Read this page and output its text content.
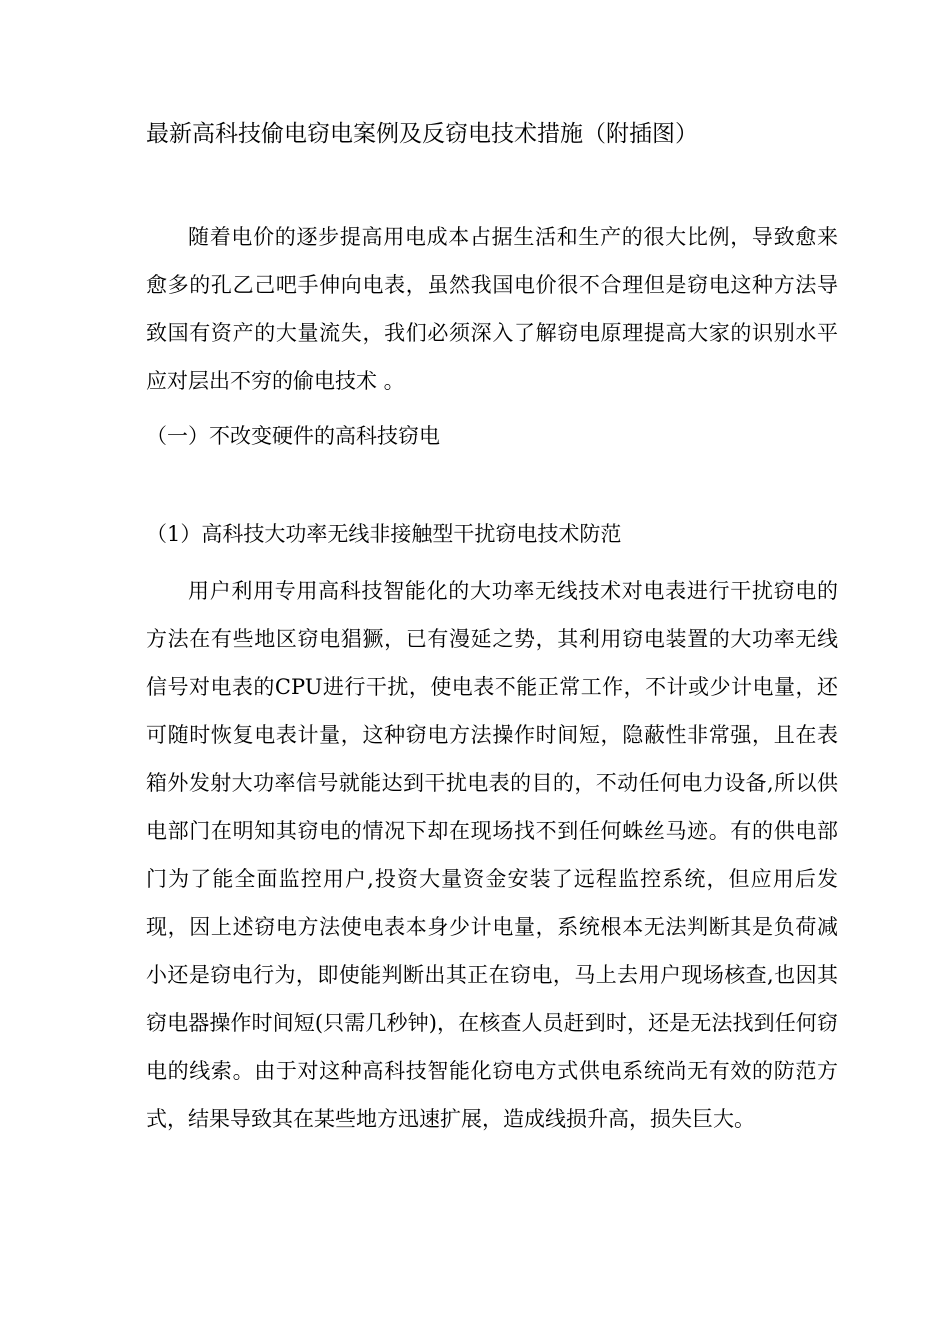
最新高科技偷电窃电案例及反窃电技术措施（附插图）

随着电价的逐步提高用电成本占据生活和生产的很大比例，导致愈来愈多的孔乙己吧手伸向电表，虽然我国电价很不合理但是窃电这种方法导致国有资产的大量流失，我们必须深入了解窃电原理提高大家的识别水平应对层出不穷的偷电技术 。

（一）不改变硬件的高科技窃电
（1）高科技大功率无线非接触型干扰窃电技术防范

用户利用专用高科技智能化的大功率无线技术对电表进行干扰窃电的方法在有些地区窃电猖獗，已有漫延之势，其利用窃电装置的大功率无线信号对电表的CPU进行干扰，使电表不能正常工作，不计或少计电量，还可随时恢复电表计量，这种窃电方法操作时间短，隐蔽性非常强，且在表箱外发射大功率信号就能达到干扰电表的目的，不动任何电力设备,所以供电部门在明知其窃电的情况下却在现场找不到任何蛛丝马迹。有的供电部门为了能全面监控用户,投资大量资金安装了远程监控系统，但应用后发现，因上述窃电方法使电表本身少计电量，系统根本无法判断其是负荷减小还是窃电行为，即使能判断出其正在窃电，马上去用户现场核查,也因其窃电器操作时间短(只需几秒钟)，在核查人员赶到时，还是无法找到任何窃电的线索。由于对这种高科技智能化窃电方式供电系统尚无有效的防范方式，结果导致其在某些地方迅速扩展，造成线损升高，损失巨大。
